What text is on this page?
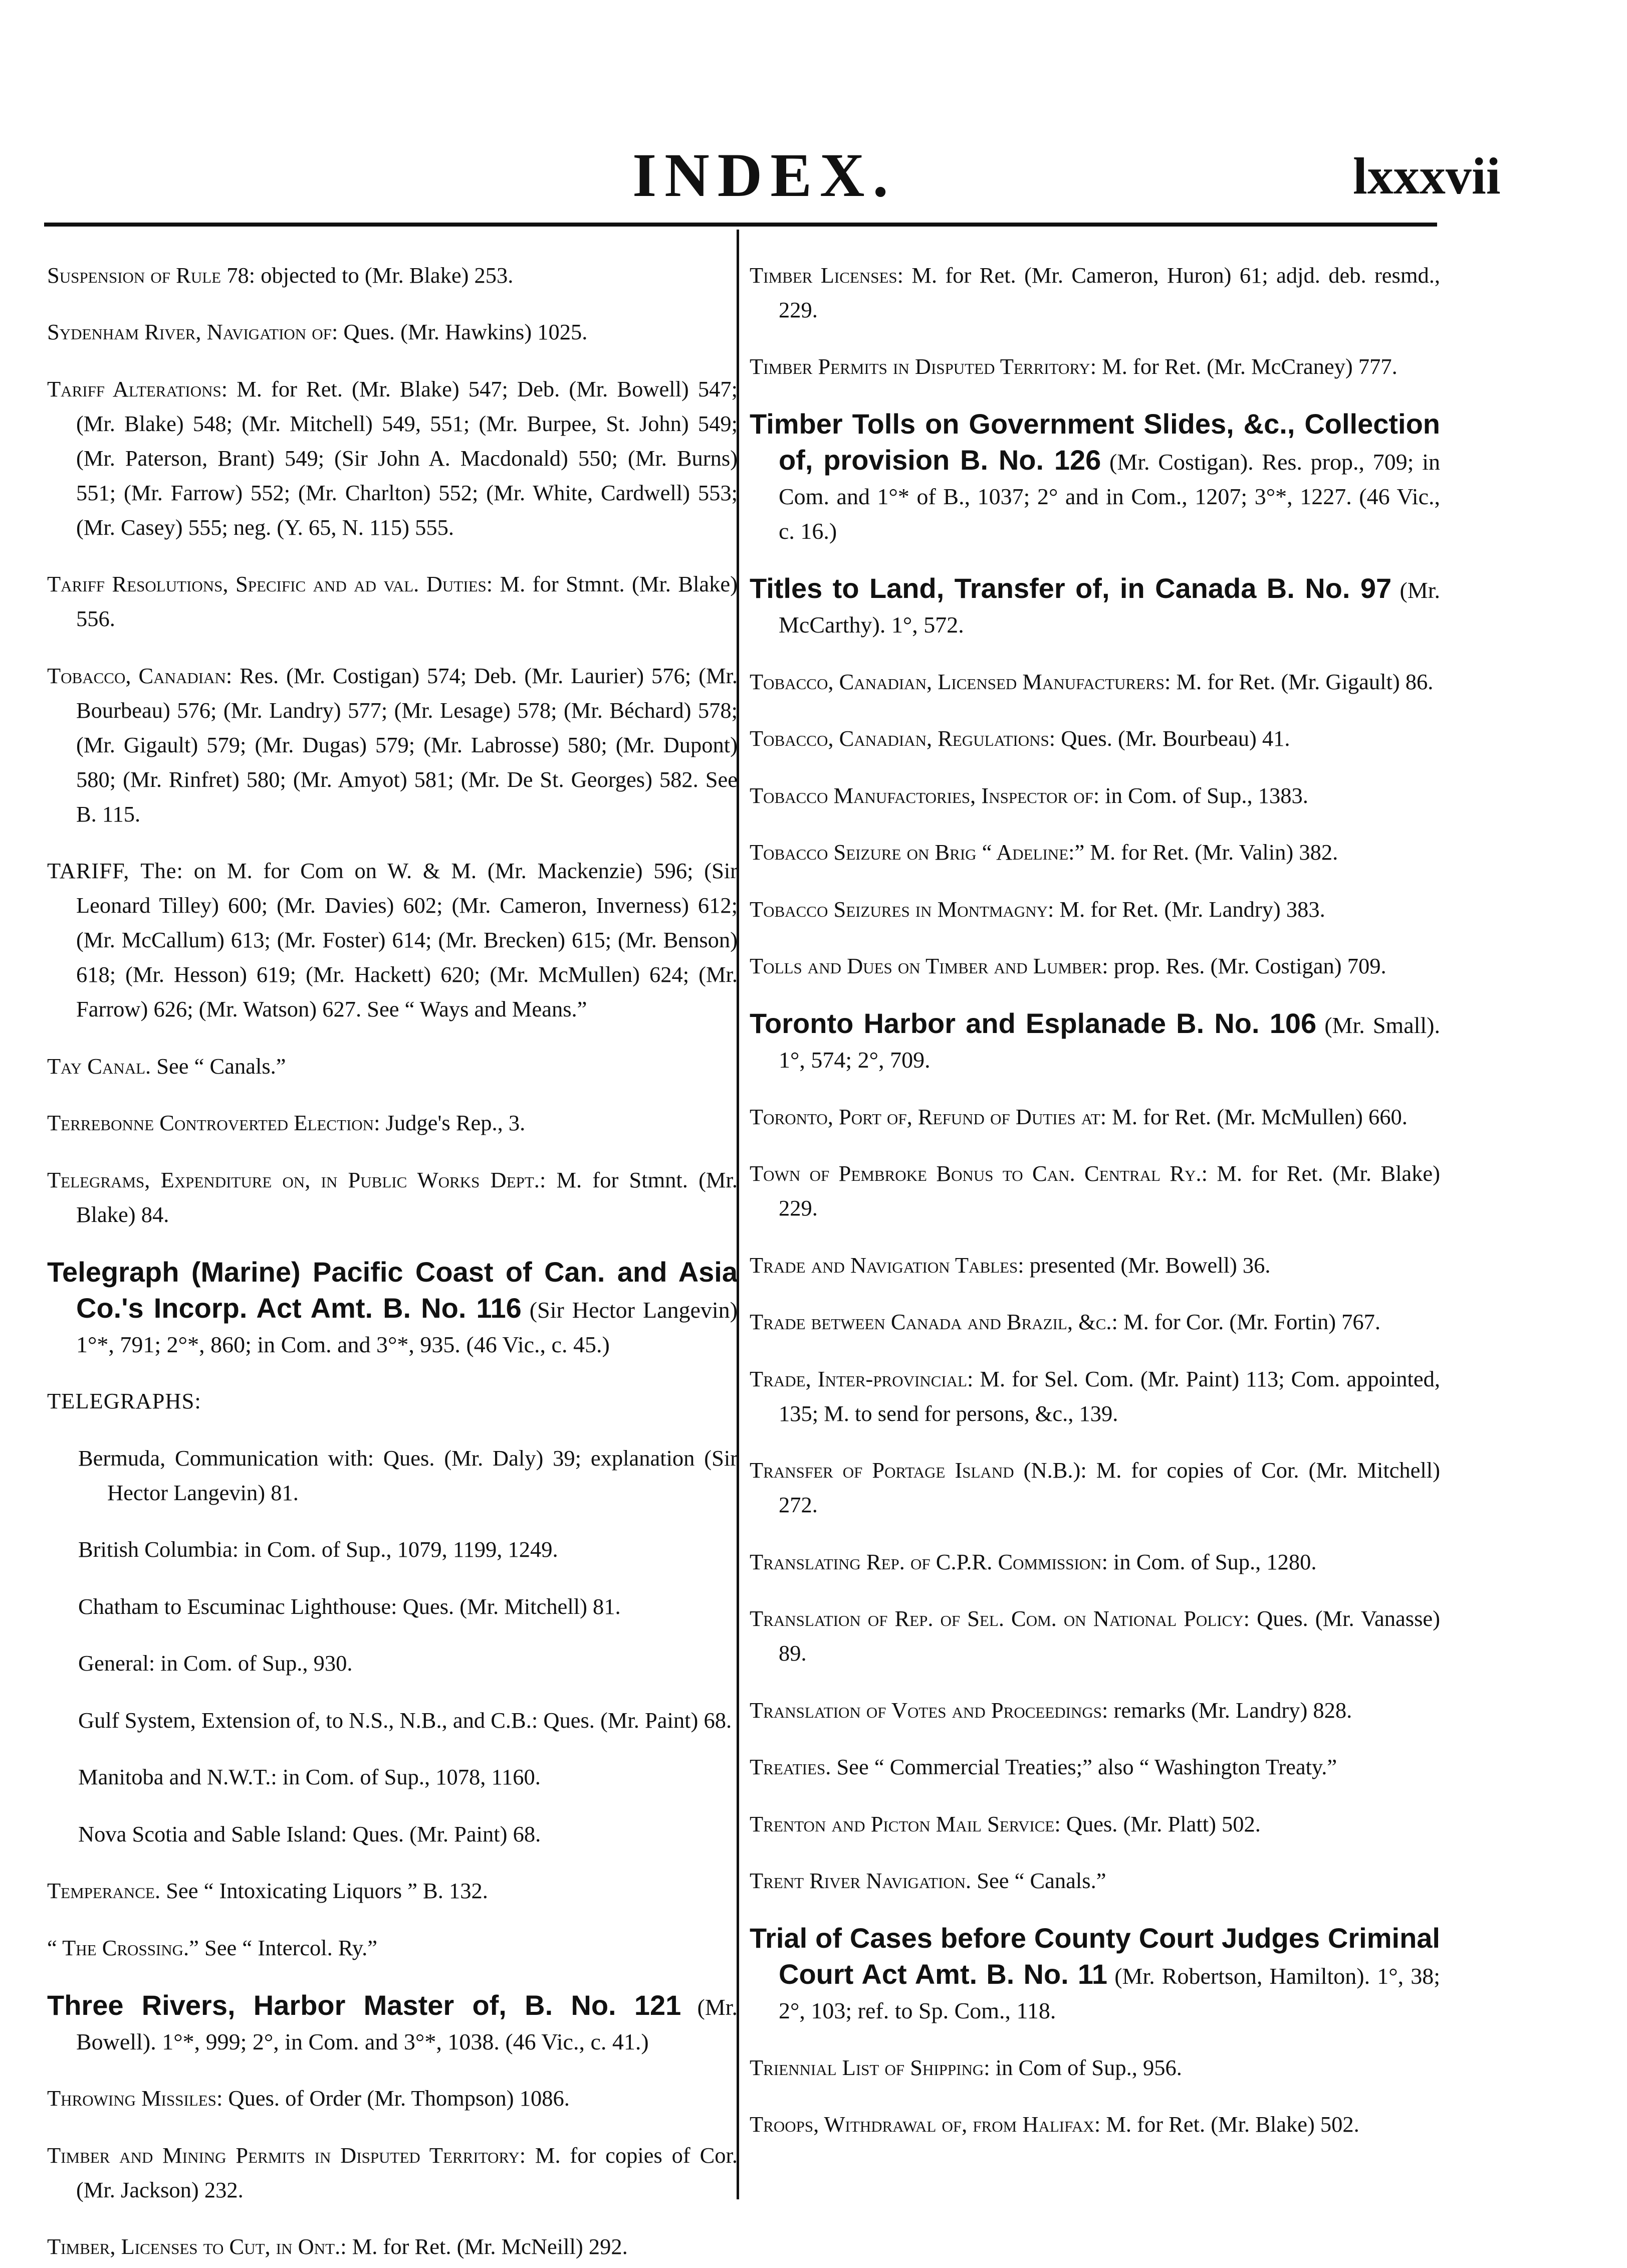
INDEX.	lxxxvii

Suspension of Rule 78: objected to (Mr. Blake) 253.

Sydenham River, Navigation of: Ques. (Mr. Hawkins) 1025.

Tariff Alterations: M. for Ret. (Mr. Blake) 547; Deb. (Mr. Bowell) 547; (Mr. Blake) 548; (Mr. Mitchell) 549, 551; (Mr. Burpee, St. John) 549; (Mr. Paterson, Brant) 549; (Sir John A. Macdonald) 550; (Mr. Burns) 551; (Mr. Farrow) 552; (Mr. Charlton) 552; (Mr. White, Cardwell) 553; (Mr. Casey) 555; neg. (Y. 65, N. 115) 555.

Tariff Resolutions, Specific and ad val. Duties: M. for Stmnt. (Mr. Blake) 556.

Tobacco, Canadian: Res. (Mr. Costigan) 574; Deb. (Mr. Laurier) 576; (Mr. Bourbeau) 576; (Mr. Landry) 577; (Mr. Lesage) 578; (Mr. Béchard) 578; (Mr. Gigault) 579; (Mr. Dugas) 579; (Mr. Labrosse) 580; (Mr. Dupont) 580; (Mr. Rinfret) 580; (Mr. Amyot) 581; (Mr. De St. Georges) 582. See B. 115.

TARIFF, The: on M. for Com on W. & M. (Mr. Mackenzie) 596; (Sir Leonard Tilley) 600; (Mr. Davies) 602; (Mr. Cameron, Inverness) 612; (Mr. McCallum) 613; (Mr. Foster) 614; (Mr. Brecken) 615; (Mr. Benson) 618; (Mr. Hesson) 619; (Mr. Hackett) 620; (Mr. McMullen) 624; (Mr. Farrow) 626; (Mr. Watson) 627. See “ Ways and Means.”

Tay Canal. See “ Canals.”

Terrebonne Controverted Election: Judge's Rep., 3.

Telegrams, Expenditure on, in Public Works Dept.: M. for Stmnt. (Mr. Blake) 84.

Telegraph (Marine) Pacific Coast of Can. and Asia Co.'s Incorp. Act Amt. B. No. 116 (Sir Hector Langevin) 1°*, 791; 2°*, 860; in Com. and 3°*, 935. (46 Vic., c. 45.)

TELEGRAPHS:

Bermuda, Communication with: Ques. (Mr. Daly) 39; explanation (Sir Hector Langevin) 81.

British Columbia: in Com. of Sup., 1079, 1199, 1249.

Chatham to Escuminac Lighthouse: Ques. (Mr. Mitchell) 81.

General: in Com. of Sup., 930.

Gulf System, Extension of, to N.S., N.B., and C.B.: Ques. (Mr. Paint) 68.

Manitoba and N.W.T.: in Com. of Sup., 1078, 1160.

Nova Scotia and Sable Island: Ques. (Mr. Paint) 68.

Temperance. See “ Intoxicating Liquors ” B. 132.

“ The Crossing.” See “ Intercol. Ry.”

Three Rivers, Harbor Master of, B. No. 121 (Mr. Bowell). 1°*, 999; 2°, in Com. and 3°*, 1038. (46 Vic., c. 41.)

Throwing Missiles: Ques. of Order (Mr. Thompson) 1086.

Timber and Mining Permits in Disputed Territory: M. for copies of Cor. (Mr. Jackson) 232.

Timber, Licenses to Cut, in Ont.: M. for Ret. (Mr. McNeill) 292.

Timber Licenses: M. for Ret. (Mr. Cameron, Huron) 61; adjd. deb. resmd., 229.

Timber Permits in Disputed Territory: M. for Ret. (Mr. McCraney) 777.

Timber Tolls on Government Slides, &c., Collection of, provision B. No. 126 (Mr. Costigan). Res. prop., 709; in Com. and 1°* of B., 1037; 2° and in Com., 1207; 3°*, 1227. (46 Vic., c. 16.)

Titles to Land, Transfer of, in Canada B. No. 97 (Mr. McCarthy). 1°, 572.

Tobacco, Canadian, Licensed Manufacturers: M. for Ret. (Mr. Gigault) 86.

Tobacco, Canadian, Regulations: Ques. (Mr. Bourbeau) 41.

Tobacco Manufactories, Inspector of: in Com. of Sup., 1383.

Tobacco Seizure on Brig “ Adeline:” M. for Ret. (Mr. Valin) 382.

Tobacco Seizures in Montmagny: M. for Ret. (Mr. Landry) 383.

Tolls and Dues on Timber and Lumber: prop. Res. (Mr. Costigan) 709.

Toronto Harbor and Esplanade B. No. 106 (Mr. Small). 1°, 574; 2°, 709.

Toronto, Port of, Refund of Duties at: M. for Ret. (Mr. McMullen) 660.

Town of Pembroke Bonus to Can. Central Ry.: M. for Ret. (Mr. Blake) 229.

Trade and Navigation Tables: presented (Mr. Bowell) 36.

Trade between Canada and Brazil, &c.: M. for Cor. (Mr. Fortin) 767.

Trade, Inter-provincial: M. for Sel. Com. (Mr. Paint) 113; Com. appointed, 135; M. to send for persons, &c., 139.

Transfer of Portage Island (N.B.): M. for copies of Cor. (Mr. Mitchell) 272.

Translating Rep. of C.P.R. Commission: in Com. of Sup., 1280.

Translation of Rep. of Sel. Com. on National Policy: Ques. (Mr. Vanasse) 89.

Translation of Votes and Proceedings: remarks (Mr. Landry) 828.

Treaties. See “ Commercial Treaties;” also “ Washington Treaty.”

Trenton and Picton Mail Service: Ques. (Mr. Platt) 502.

Trent River Navigation. See “ Canals.”

Trial of Cases before County Court Judges Criminal Court Act Amt. B. No. 11 (Mr. Robertson, Hamilton). 1°, 38; 2°, 103; ref. to Sp. Com., 118.

Triennial List of Shipping: in Com of Sup., 956.

Troops, Withdrawal of, from Halifax: M. for Ret. (Mr. Blake) 502.
